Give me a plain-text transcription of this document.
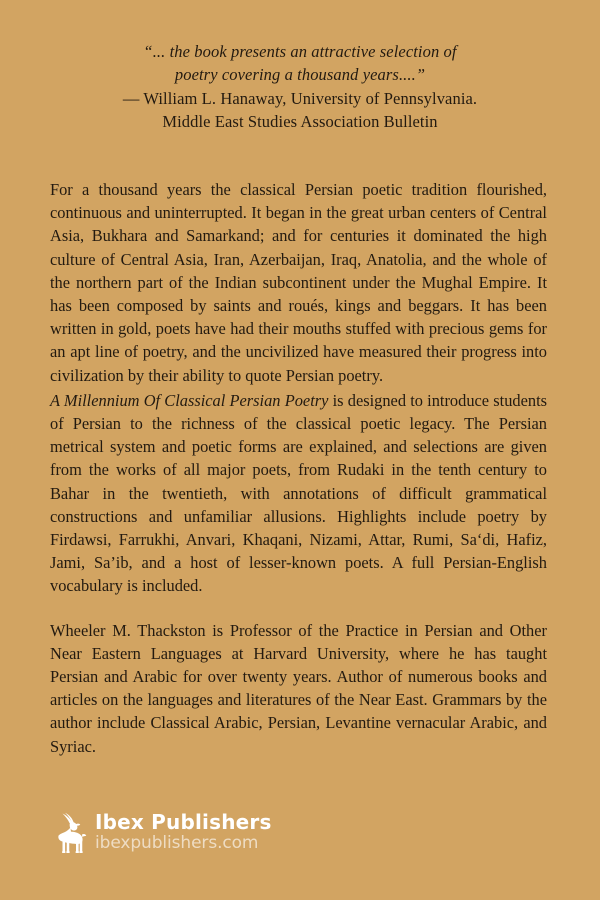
“... the book presents an attractive selection of
poetry covering a thousand years....”
— William L. Hanaway, University of Pennsylvania.
Middle East Studies Association Bulletin

For a thousand years the classical Persian poetic tradition flourished, continuous and uninterrupted. It began in the great urban centers of Central Asia, Bukhara and Samarkand; and for centuries it dominated the high culture of Central Asia, Iran, Azerbaijan, Iraq, Anatolia, and the whole of the northern part of the Indian subcontinent under the Mughal Empire. It has been composed by saints and roués, kings and beggars. It has been written in gold, poets have had their mouths stuffed with precious gems for an apt line of poetry, and the uncivilized have measured their progress into civilization by their ability to quote Persian poetry.

A Millennium Of Classical Persian Poetry is designed to introduce students of Persian to the richness of the classical poetic legacy. The Persian metrical system and poetic forms are explained, and selections are given from the works of all major poets, from Rudaki in the tenth century to Bahar in the twentieth, with annotations of difficult grammatical constructions and unfamiliar allusions. Highlights include poetry by Firdawsi, Farrukhi, Anvari, Khaqani, Nizami, Attar, Rumi, Saʻdi, Hafiz, Jami, Sa’ib, and a host of lesser-known poets. A full Persian-English vocabulary is included.

Wheeler M. Thackston is Professor of the Practice in Persian and Other Near Eastern Languages at Harvard University, where he has taught Persian and Arabic for over twenty years. Author of numerous books and articles on the languages and literatures of the Near East. Grammars by the author include Classical Arabic, Persian, Levantine vernacular Arabic, and Syriac.

Ibex Publishers
ibexpublishers.com
